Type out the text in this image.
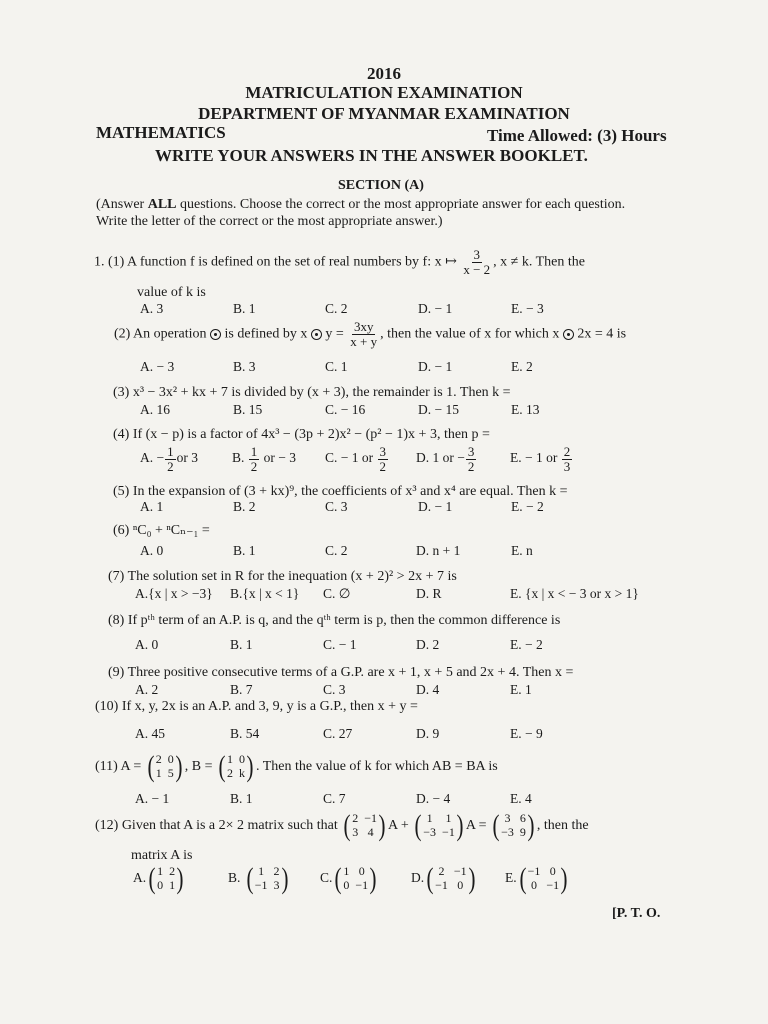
2016
MATRICULATION EXAMINATION
DEPARTMENT OF MYANMAR EXAMINATION
MATHEMATICS	Time Allowed: (3) Hours
WRITE YOUR ANSWERS IN THE ANSWER BOOKLET.
SECTION (A)
(Answer ALL questions. Choose the correct or the most appropriate answer for each question.
Write the letter of the correct or the most appropriate answer.)
1. (1) A function f is defined on the set of real numbers by f: x ↦ $\frac{3}{x - 2}$ , x ≠ k. Then the
value of k is
A. 3	B. 1	C. 2	D. − 1	E. − 3
(2) An operation is defined by x $y = \frac{3xy}{x + y}$ , then the value of x for which x 2x = 4 is
A. − 3	B. 3	C. 1	D. − 1	E. 2
(3) x³ − 3x² + kx + 7 is divided by (x + 3), the remainder is 1. Then k =
A. 16	B. 15	C. − 16	D. − 15	E. 13
(4) If (x − p) is a factor of 4x³ − (3p + 2)x² − (p² − 1)x + 3, then p =
A. − $\frac{1}{2}$ or 3	B. $\frac{1}{2}$ or − 3 C. − 1 or $\frac{3}{2} D$. 1 or − $\frac{3}{2} E$. − 1 or $\frac{2}{3}$
(5) In the expansion of (3 + kx)⁹, the coefficients of x³ and x⁴ are equal. Then k =
A. 1	B. 2	C. 3	D. − 1	E. − 2
(6) ⁿC₀ + ⁿCₙ₋₁ =
A. 0	B. 1	C. 2	D. n + 1	E. n
(7) The solution set in R for the inequation (x + 2)² > 2x + 7 is
A.{x | x > −3} B.{x | x < 1} C. ∅	D. R	E. {x | x < − 3 or x > 1}
(8) If pᵗʰ term of an A.P. is q, and the qᵗʰ term is p, then the common difference is
A. 0	B. 1	C. − 1	D. 2	E. − 2
(9) Three positive consecutive terms of a G.P. are x + 1, x + 5 and 2x + 4. Then x =
A. 2	B. 7	C. 3	D. 4	E. 1
(10) If x, y, 2x is an A.P. and 3, 9, y is a G.P., then x + y =
A. 45	B. 54	C. 27	D. 9	E. − 9
(11) A = ( 2 0
1 5 ) , B = ( 1 0
2 k ) . Then the value of k for which AB = BA is
A. − 1	B. 1	C. 7	D. − 4	E. 4
(12) Given that A is a 2× 2 matrix such that ( 2 −1
3 4 ) A + ( 1 1
−3 −1 ) A = ( 3 6
−3 9 ) , then the
matrix A is
A. ( 1 2
0 1 )	B. ( 1 2
−1 3 ) C. ( 1 0
0 −1 )	D. ( 2 −1
−1 0 ) E. ( −1 0
0 −1 )
[P. T. O.
